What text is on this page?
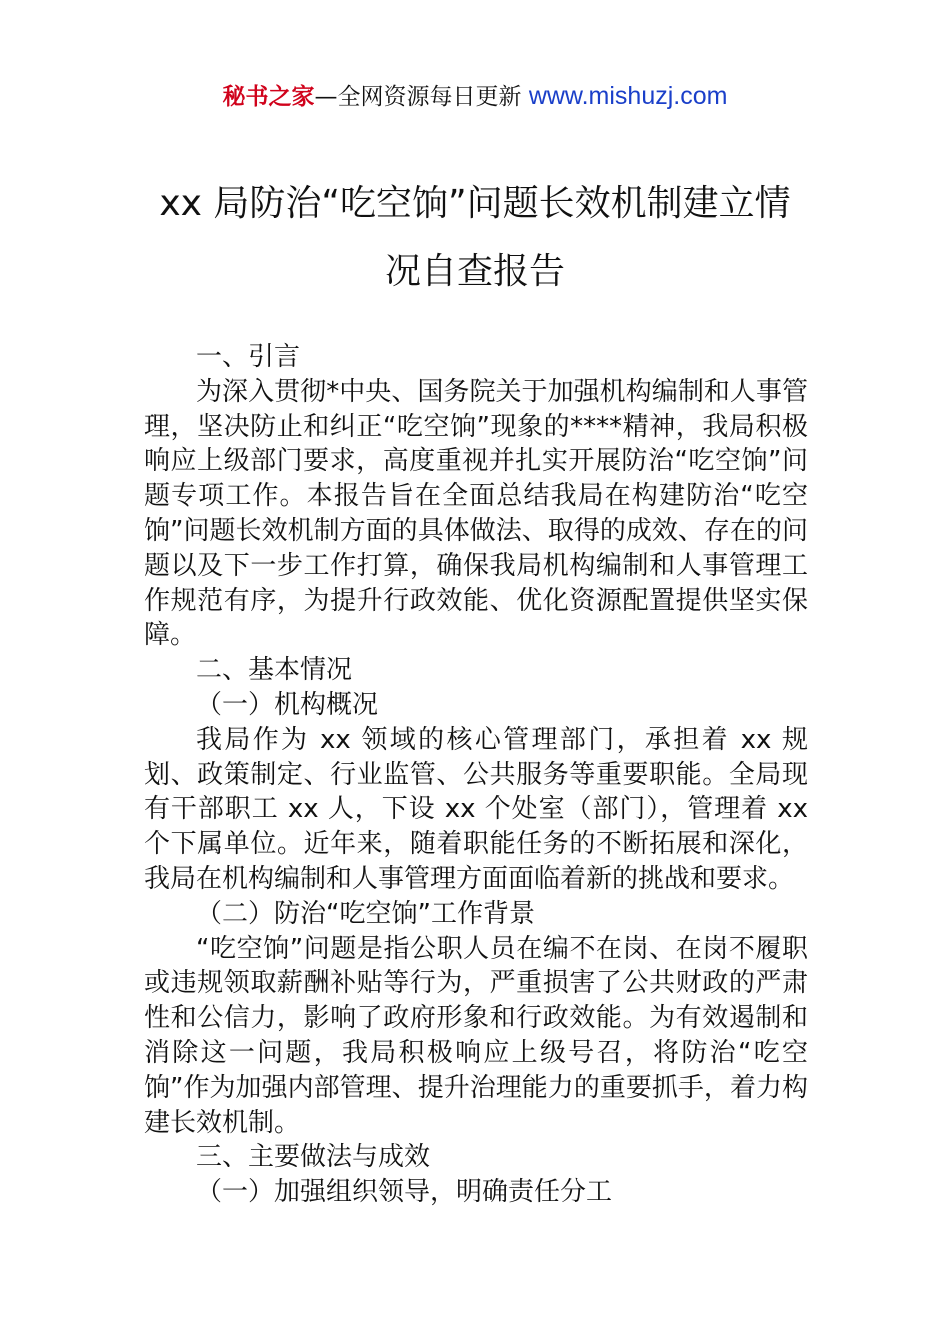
秘书之家—全网资源每日更新 www.mishuzj.com
xx 局防治“吃空饷”问题长效机制建立情
况自查报告

一、引言

为深入贯彻*中央、国务院关于加强机构编制和人事管理，坚决防止和纠正“吃空饷”现象的****精神，我局积极响应上级部门要求，高度重视并扎实开展防治“吃空饷”问题专项工作。本报告旨在全面总结我局在构建防治“吃空饷”问题长效机制方面的具体做法、取得的成效、存在的问题以及下一步工作打算，确保我局机构编制和人事管理工作规范有序，为提升行政效能、优化资源配置提供坚实保障。

二、基本情况

（一）机构概况

我局作为 xx 领域的核心管理部门，承担着 xx 规划、政策制定、行业监管、公共服务等重要职能。全局现有干部职工 xx 人，下设 xx 个处室（部门），管理着 xx 个下属单位。近年来，随着职能任务的不断拓展和深化，我局在机构编制和人事管理方面面临着新的挑战和要求。

（二）防治“吃空饷”工作背景

“吃空饷”问题是指公职人员在编不在岗、在岗不履职或违规领取薪酬补贴等行为，严重损害了公共财政的严肃性和公信力，影响了政府形象和行政效能。为有效遏制和消除这一问题，我局积极响应上级号召，将防治“吃空饷”作为加强内部管理、提升治理能力的重要抓手，着力构建长效机制。

三、主要做法与成效

（一）加强组织领导，明确责任分工
